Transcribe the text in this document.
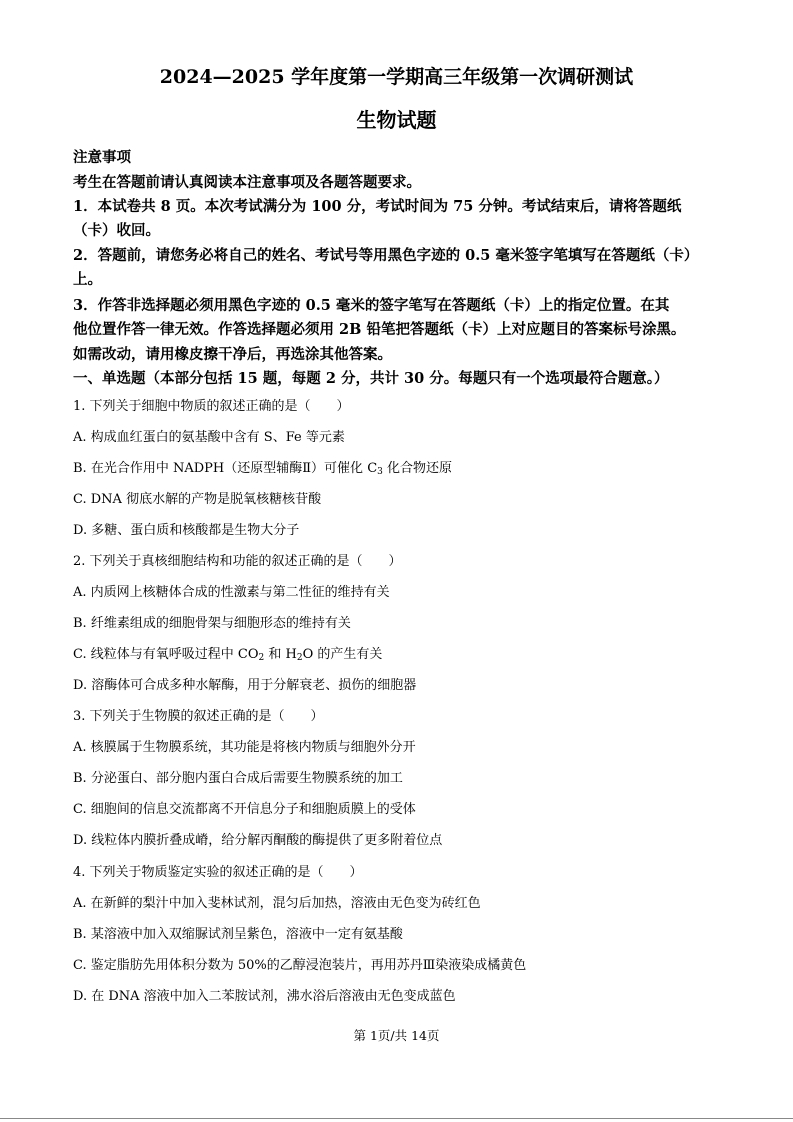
2024—2025 学年度第一学期高三年级第一次调研测试
生物试题
注意事项
考生在答题前请认真阅读本注意事项及各题答题要求。
1．本试卷共 8 页。本次考试满分为 100 分，考试时间为 75 分钟。考试结束后，请将答题纸
（卡）收回。
2．答题前，请您务必将自己的姓名、考试号等用黑色字迹的 0.5 毫米签字笔填写在答题纸（卡）
上。
3．作答非选择题必须用黑色字迹的 0.5 毫米的签字笔写在答题纸（卡）上的指定位置。在其
他位置作答一律无效。作答选择题必须用 2B 铅笔把答题纸（卡）上对应题目的答案标号涂黑。
如需改动，请用橡皮擦干净后，再选涂其他答案。
一、单选题（本部分包括 15 题，每题 2 分，共计 30 分。每题只有一个选项最符合题意。）
1. 下列关于细胞中物质的叙述正确的是（　　）
A. 构成血红蛋白的氨基酸中含有 S、Fe 等元素
B. 在光合作用中 NADPH（还原型辅酶Ⅱ）可催化 $C_3$ 化合物还原
C. DNA 彻底水解的产物是脱氧核糖核苷酸
D. 多糖、蛋白质和核酸都是生物大分子
2. 下列关于真核细胞结构和功能的叙述正确的是（　　）
A. 内质网上核糖体合成的性激素与第二性征的维持有关
B. 纤维素组成的细胞骨架与细胞形态的维持有关
C. 线粒体与有氧呼吸过程中 $CO_2$ 和 $H_2O$ 的产生有关
D. 溶酶体可合成多种水解酶，用于分解衰老、损伤的细胞器
3. 下列关于生物膜的叙述正确的是（　　）
A. 核膜属于生物膜系统，其功能是将核内物质与细胞外分开
B. 分泌蛋白、部分胞内蛋白合成后需要生物膜系统的加工
C. 细胞间的信息交流都离不开信息分子和细胞质膜上的受体
D. 线粒体内膜折叠成嵴，给分解丙酮酸的酶提供了更多附着位点
4. 下列关于物质鉴定实验的叙述正确的是（　　）
A. 在新鲜的梨汁中加入斐林试剂，混匀后加热，溶液由无色变为砖红色
B. 某溶液中加入双缩脲试剂呈紫色，溶液中一定有氨基酸
C. 鉴定脂肪先用体积分数为 50%的乙醇浸泡装片，再用苏丹Ⅲ染液染成橘黄色
D. 在 DNA 溶液中加入二苯胺试剂，沸水浴后溶液由无色变成蓝色
第 1页/共 14页
